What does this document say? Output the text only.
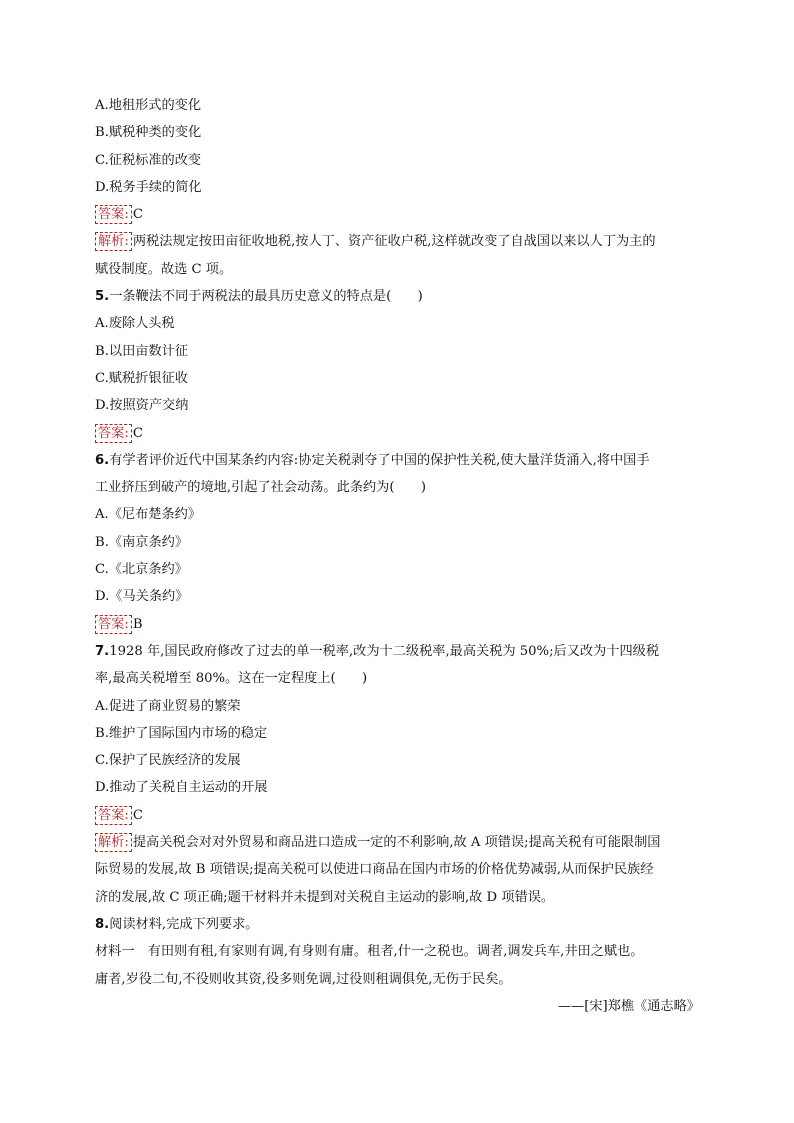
A.地租形式的变化
B.赋税种类的变化
C.征税标准的改变
D.税务手续的简化
答案: C
解析: 两税法规定按田亩征收地税,按人丁、资产征收户税,这样就改变了自战国以来以人丁为主的
赋役制度。故选 C 项。
5.一条鞭法不同于两税法的最具历史意义的特点是(　　)
A.废除人头税
B.以田亩数计征
C.赋税折银征收
D.按照资产交纳
答案: C
6.有学者评价近代中国某条约内容:协定关税剥夺了中国的保护性关税,使大量洋货涌入,将中国手
工业挤压到破产的境地,引起了社会动荡。此条约为(　　)
A.《尼布楚条约》
B.《南京条约》
C.《北京条约》
D.《马关条约》
答案: B
7.1928 年,国民政府修改了过去的单一税率,改为十二级税率,最高关税为 50%;后又改为十四级税
率,最高关税增至 80%。这在一定程度上(　　)
A.促进了商业贸易的繁荣
B.维护了国际国内市场的稳定
C.保护了民族经济的发展
D.推动了关税自主运动的开展
答案: C
解析: 提高关税会对对外贸易和商品进口造成一定的不利影响,故 A 项错误;提高关税有可能限制国
际贸易的发展,故 B 项错误;提高关税可以使进口商品在国内市场的价格优势减弱,从而保护民族经
济的发展,故 C 项正确;题干材料并未提到对关税自主运动的影响,故 D 项错误。
8.阅读材料,完成下列要求。
材料一　有田则有租,有家则有调,有身则有庸。租者,什一之税也。调者,调发兵车,井田之赋也。
庸者,岁役二旬,不役则收其资,役多则免调,过役则租调俱免,无伤于民矣。
——[宋]郑樵《通志略》
